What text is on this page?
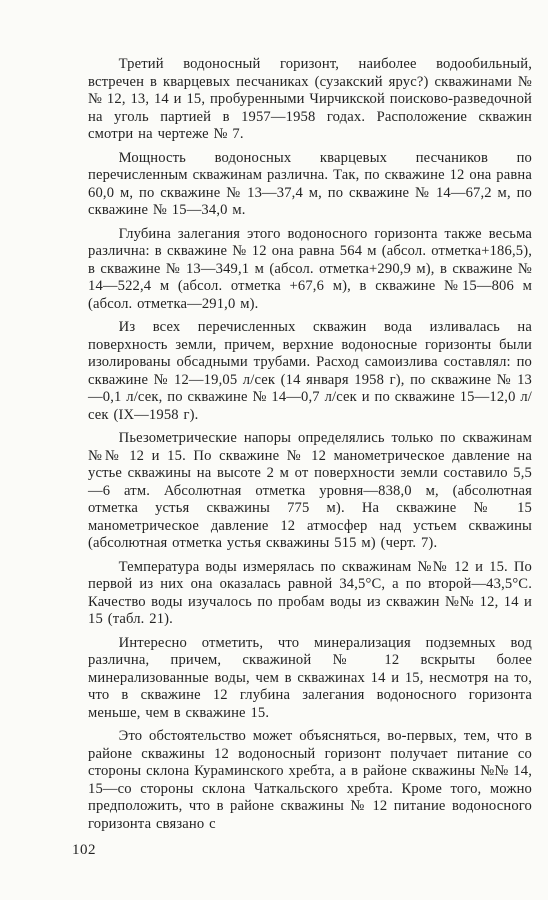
Третий водоносный горизонт, наиболее водообильный, встречен в кварцевых песчаниках (сузакский ярус?) скважинами №№ 12, 13, 14 и 15, пробуренными Чирчикской поисково-разведочной на уголь партией в 1957—1958 годах. Расположение скважин смотри на чертеже № 7.

Мощность водоносных кварцевых песчаников по перечисленным скважинам различна. Так, по скважине 12 она равна 60,0 м, по скважине № 13—37,4 м, по скважине № 14—67,2 м, по скважине № 15—34,0 м.

Глубина залегания этого водоносного горизонта также весьма различна: в скважине № 12 она равна 564 м (абсол. отметка+186,5), в скважине № 13—349,1 м (абсол. отметка+290,9 м), в скважине № 14—522,4 м (абсол. отметка +67,6 м), в скважине №15—806 м (абсол. отметка—291,0 м).

Из всех перечисленных скважин вода изливалась на поверхность земли, причем, верхние водоносные горизонты были изолированы обсадными трубами. Расход самоизлива составлял: по скважине № 12—19,05 л/сек (14 января 1958 г), по скважине № 13—0,1 л/сек, по скважине № 14—0,7 л/сек и по скважине 15—12,0 л/сек (IX—1958 г).

Пьезометрические напоры определялись только по скважинам №№ 12 и 15. По скважине № 12 манометрическое давление на устье скважины на высоте 2 м от поверхности земли составило 5,5—6 атм. Абсолютная отметка уровня—838,0 м, (абсолютная отметка устья скважины 775 м). На скважине № 15 манометрическое давление 12 атмосфер над устьем скважины (абсолютная отметка устья скважины 515 м) (черт. 7).

Температура воды измерялась по скважинам №№ 12 и 15. По первой из них она оказалась равной 34,5°С, а по второй—43,5°С. Качество воды изучалось по пробам воды из скважин №№ 12, 14 и 15 (табл. 21).

Интересно отметить, что минерализация подземных вод различна, причем, скважиной № 12 вскрыты более минерализованные воды, чем в скважинах 14 и 15, несмотря на то, что в скважине 12 глубина залегания водоносного горизонта меньше, чем в скважине 15.

Это обстоятельство может объясняться, во-первых, тем, что в районе скважины 12 водоносный горизонт получает питание со стороны склона Кураминского хребта, а в районе скважины №№ 14, 15—со стороны склона Чаткальского хребта. Кроме того, можно предположить, что в районе скважины № 12 питание водоносного горизонта связано с

102
